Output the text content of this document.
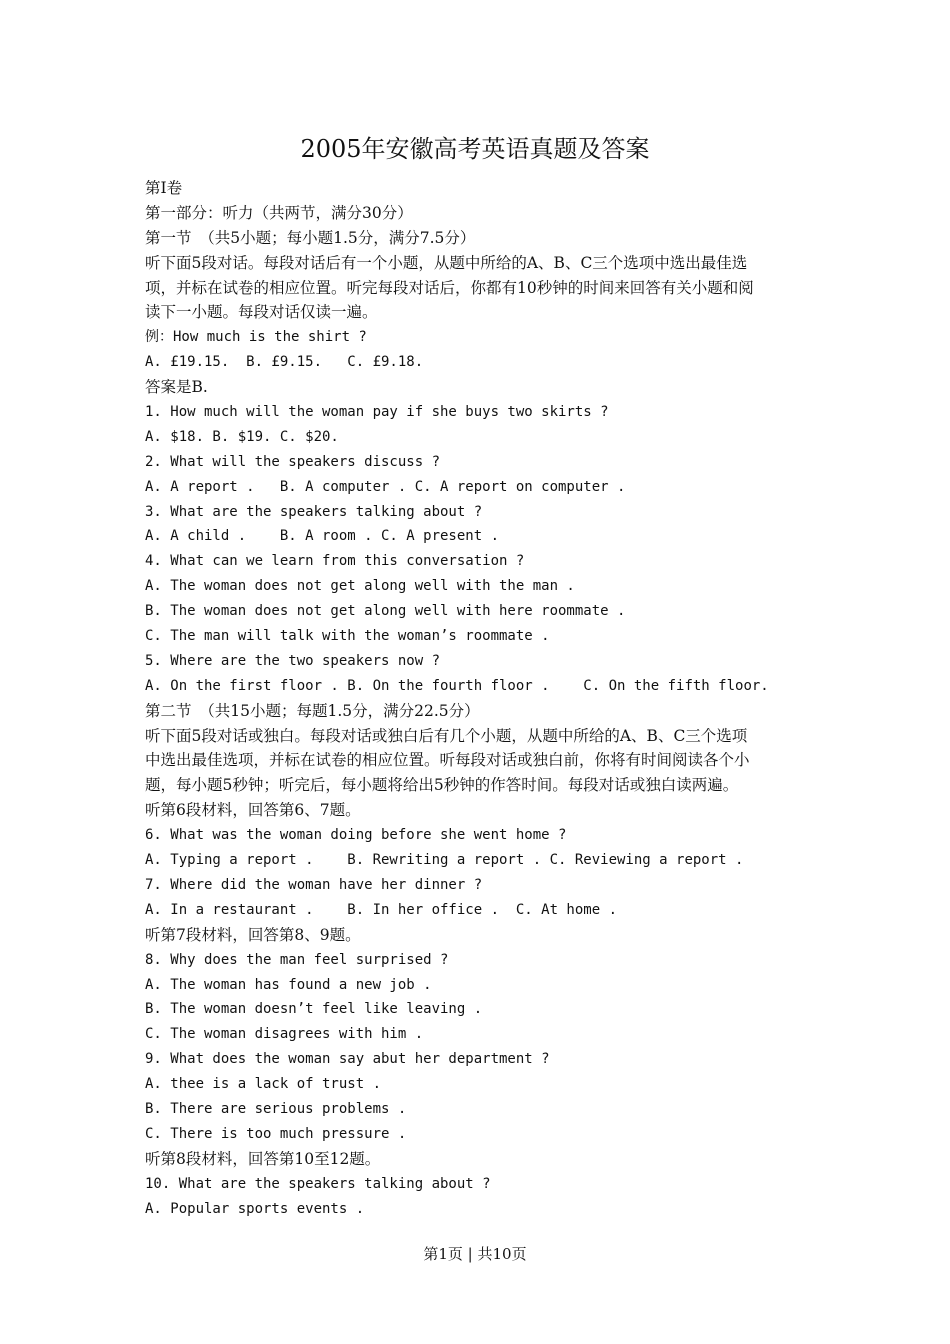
2005年安徽高考英语真题及答案
第Ⅰ卷
第一部分：听力（共两节，满分30分）
第一节　（共5小题；每小题1.5分，满分7.5分）
听下面5段对话。每段对话后有一个小题，从题中所给的A、B、C三个选项中选出最佳选
项，并标在试卷的相应位置。听完每段对话后，你都有10秒钟的时间来回答有关小题和阅
读下一小题。每段对话仅读一遍。
例：How much is the shirt ?
A. £19.15.  B. £9.15.   C. £9.18.
答案是B.
1. How much will the woman pay if she buys two skirts ?
A. $18. B. $19. C. $20.
2. What will the speakers discuss ?
A. A report .   B. A computer . C. A report on computer .
3. What are the speakers talking about ?
A. A child .    B. A room . C. A present .
4. What can we learn from this conversation ?
A. The woman does not get along well with the man .
B. The woman does not get along well with here roommate .
C. The man will talk with the woman’s roommate .
5. Where are the two speakers now ?
A. On the first floor . B. On the fourth floor .    C. On the fifth floor.
第二节　（共15小题；每题1.5分，满分22.5分）
听下面5段对话或独白。每段对话或独白后有几个小题，从题中所给的A、B、C三个选项
中选出最佳选项，并标在试卷的相应位置。听每段对话或独白前，你将有时间阅读各个小
题，每小题5秒钟；听完后，每小题将给出5秒钟的作答时间。每段对话或独白读两遍。
听第6段材料，回答第6、7题。
6. What was the woman doing before she went home ?
A. Typing a report .    B. Rewriting a report . C. Reviewing a report .
7. Where did the woman have her dinner ?
A. In a restaurant .    B. In her office .  C. At home .
听第7段材料，回答第8、9题。
8. Why does the man feel surprised ?
A. The woman has found a new job .
B. The woman doesn’t feel like leaving .
C. The woman disagrees with him .
9. What does the woman say abut her department ?
A. thee is a lack of trust .
B. There are serious problems .
C. There is too much pressure .
听第8段材料，回答第10至12题。
10. What are the speakers talking about ?
A. Popular sports events .
第1页 | 共10页
